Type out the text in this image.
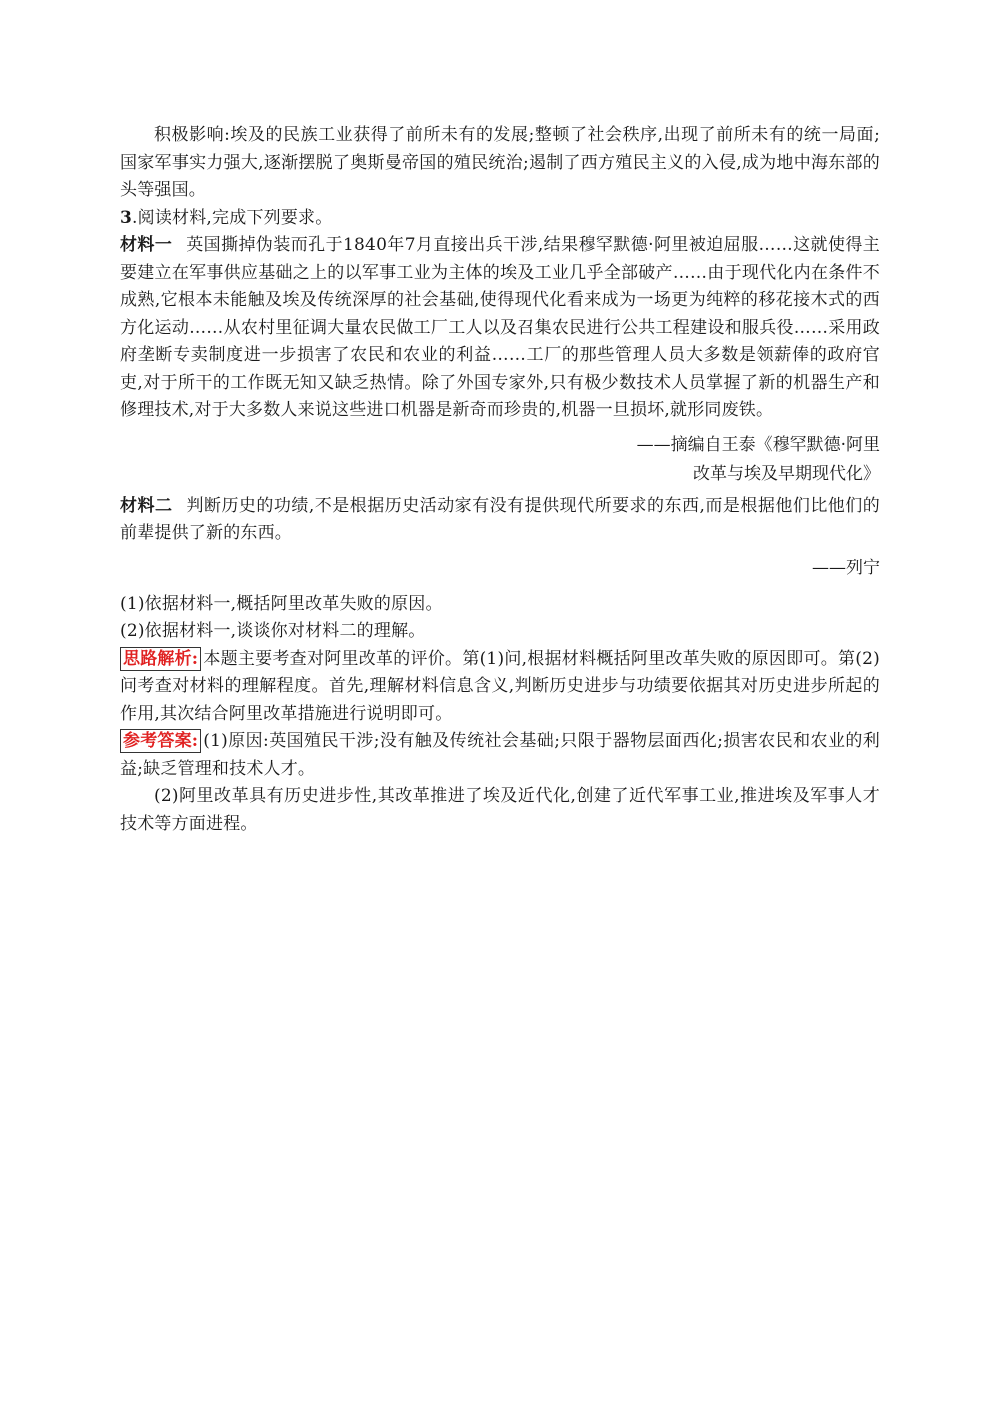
积极影响:埃及的民族工业获得了前所未有的发展;整顿了社会秩序,出现了前所未有的统一局面;国家军事实力强大,逐渐摆脱了奥斯曼帝国的殖民统治;遏制了西方殖民主义的入侵,成为地中海东部的头等强国。

3.阅读材料,完成下列要求。

材料一 英国撕掉伪装而孔于1840年7月直接出兵干涉,结果穆罕默德·阿里被迫屈服……这就使得主要建立在军事供应基础之上的以军事工业为主体的埃及工业几乎全部破产……由于现代化内在条件不成熟,它根本未能触及埃及传统深厚的社会基础,使得现代化看来成为一场更为纯粹的移花接木式的西方化运动……从农村里征调大量农民做工厂工人以及召集农民进行公共工程建设和服兵役……采用政府垄断专卖制度进一步损害了农民和农业的利益……工厂的那些管理人员大多数是领薪俸的政府官吏,对于所干的工作既无知又缺乏热情。除了外国专家外,只有极少数技术人员掌握了新的机器生产和修理技术,对于大多数人来说这些进口机器是新奇而珍贵的,机器一旦损坏,就形同废铁。

——摘编自王泰《穆罕默德·阿里
改革与埃及早期现代化》

材料二 判断历史的功绩,不是根据历史活动家有没有提供现代所要求的东西,而是根据他们比他们的前辈提供了新的东西。

——列宁

(1)依据材料一,概括阿里改革失败的原因。

(2)依据材料一,谈谈你对材料二的理解。

思路解析: 本题主要考查对阿里改革的评价。第(1)问,根据材料概括阿里改革失败的原因即可。第(2)问考查对材料的理解程度。首先,理解材料信息含义,判断历史进步与功绩要依据其对历史进步所起的作用,其次结合阿里改革措施进行说明即可。

参考答案: (1)原因:英国殖民干涉;没有触及传统社会基础;只限于器物层面西化;损害农民和农业的利益;缺乏管理和技术人才。

(2)阿里改革具有历史进步性,其改革推进了埃及近代化,创建了近代军事工业,推进埃及军事人才技术等方面进程。
